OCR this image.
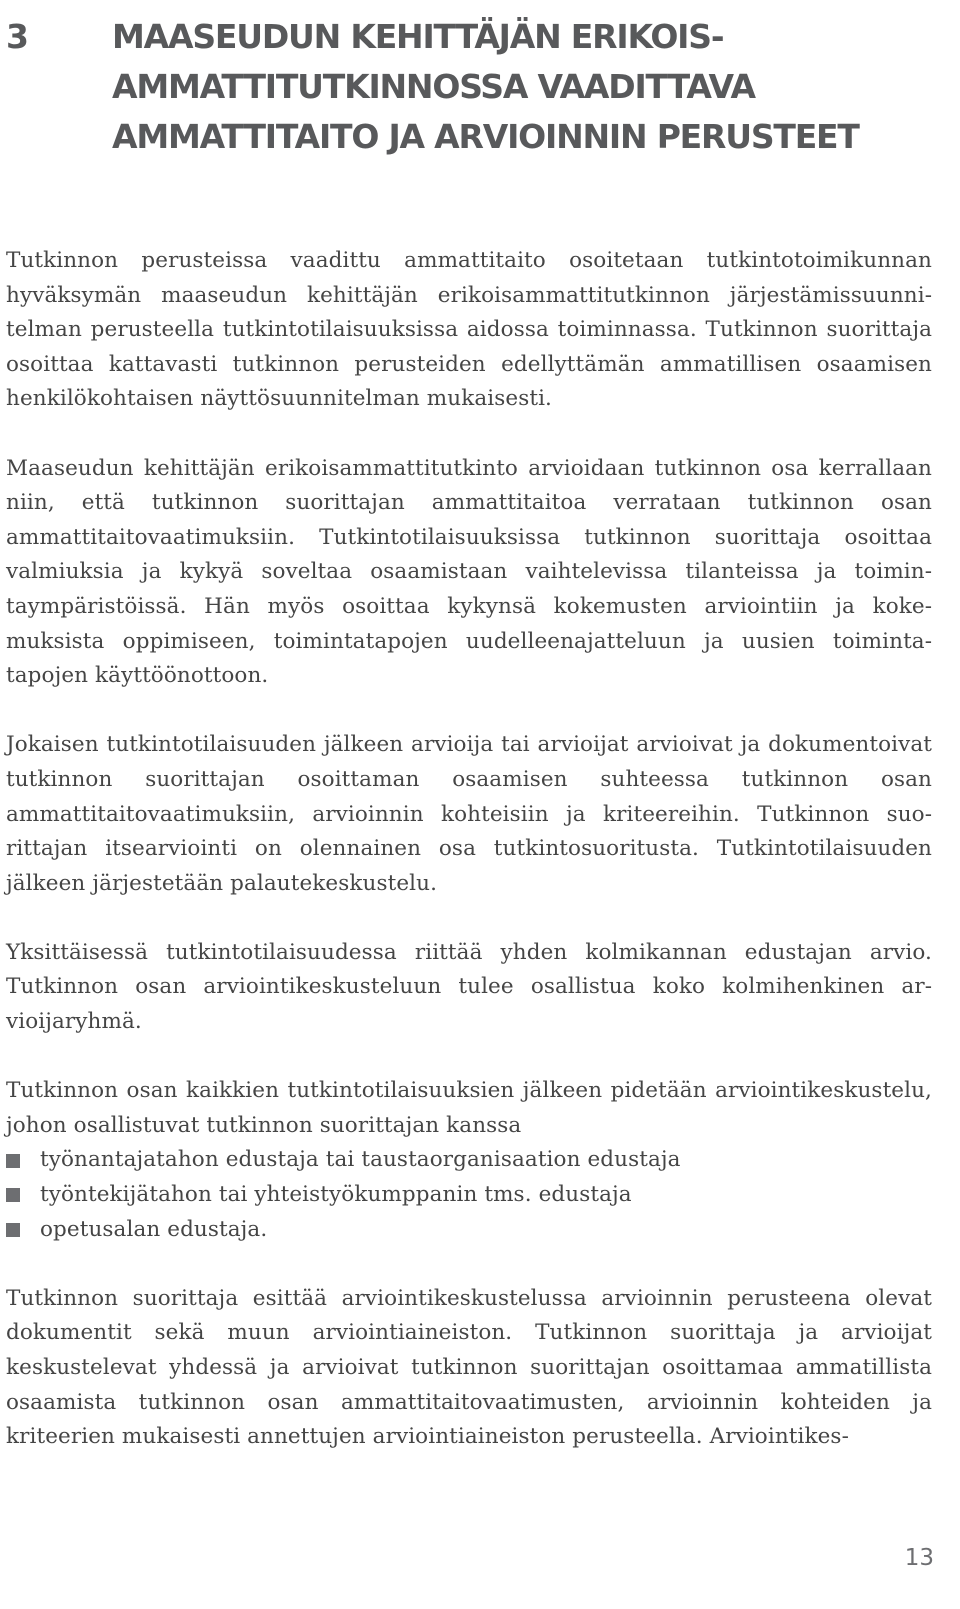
3	MAASEUDUN KEHITTÄJÄN ERIKOIS-
AMMATTITUTKINNOSSA VAADITTAVA
AMMATTITAITO JA ARVIOINNIN PERUSTEET

Tutkinnon perusteissa vaadittu ammattitaito osoitetaan tutkintotoimikunnan hyväksymän maaseudun kehittäjän erikoisammattitutkinnon järjestämissuunnitelman perusteella tutkintotilaisuuksissa aidossa toiminnassa. Tutkinnon suorittaja osoittaa kattavasti tutkinnon perusteiden edellyttämän ammatillisen osaamisen henkilökohtaisen näyttösuunnitelman mukaisesti.

Maaseudun kehittäjän erikoisammattitutkinto arvioidaan tutkinnon osa kerrallaan niin, että tutkinnon suorittajan ammattitaitoa verrataan tutkinnon osan ammattitaitovaatimuksiin. Tutkintotilaisuuksissa tutkinnon suorittaja osoittaa valmiuksia ja kykyä soveltaa osaamistaan vaihtelevissa tilanteissa ja toimintaympäristöissä. Hän myös osoittaa kykynsä kokemusten arviointiin ja kokemuksista oppimiseen, toimintatapojen uudelleenajatteluun ja uusien toimintatapojen käyttöönottoon.

Jokaisen tutkintotilaisuuden jälkeen arvioija tai arvioijat arvioivat ja dokumentoivat tutkinnon suorittajan osoittaman osaamisen suhteessa tutkinnon osan ammattitaitovaatimuksiin, arvioinnin kohteisiin ja kriteereihin. Tutkinnon suorittajan itsearviointi on olennainen osa tutkintosuoritusta. Tutkintotilaisuuden jälkeen järjestetään palautekeskustelu.

Yksittäisessä tutkintotilaisuudessa riittää yhden kolmikannan edustajan arvio. Tutkinnon osan arviointikeskusteluun tulee osallistua koko kolmihenkinen arvioijaryhmä.

Tutkinnon osan kaikkien tutkintotilaisuuksien jälkeen pidetään arviointikeskustelu, johon osallistuvat tutkinnon suorittajan kanssa

työnantajatahon edustaja tai taustaorganisaation edustaja
työntekijätahon tai yhteistyökumppanin tms. edustaja
opetusalan edustaja.

Tutkinnon suorittaja esittää arviointikeskustelussa arvioinnin perusteena olevat dokumentit sekä muun arviointiaineiston. Tutkinnon suorittaja ja arvioijat keskustelevat yhdessä ja arvioivat tutkinnon suorittajan osoittamaa ammatillista osaamista tutkinnon osan ammattitaitovaatimusten, arvioinnin kohteiden ja kriteerien mukaisesti annettujen arviointiaineiston perusteella. Arviointikes-

13
